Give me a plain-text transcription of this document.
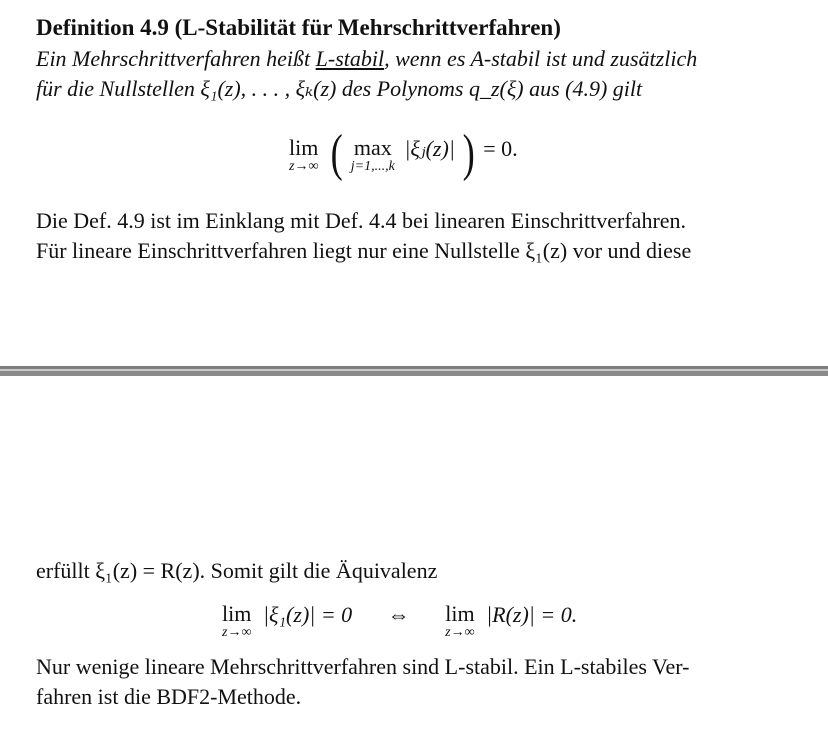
Definition 4.9 (L-Stabilität für Mehrschrittverfahren)
Ein Mehrschrittverfahren heißt L-stabil, wenn es A-stabil ist und zusätzlich
für die Nullstellen ξ₁(z), . . . , ξₖ(z) des Polynoms q_z(ξ) aus (4.9) gilt
lim
z→∞ ( max
j=1,...,k
|ξⱼ(z)| ) = 0.
Die Def. 4.9 ist im Einklang mit Def. 4.4 bei linearen Einschrittverfahren.
Für lineare Einschrittverfahren liegt nur eine Nullstelle ξ₁(z) vor und diese
erfüllt ξ₁(z) = R(z). Somit gilt die Äquivalenz
lim
z→∞
|ξ₁(z)| = 0 ⇔ lim
z→∞
|R(z)| = 0.
Nur wenige lineare Mehrschrittverfahren sind L-stabil. Ein L-stabiles Ver-
fahren ist die BDF2-Methode.
